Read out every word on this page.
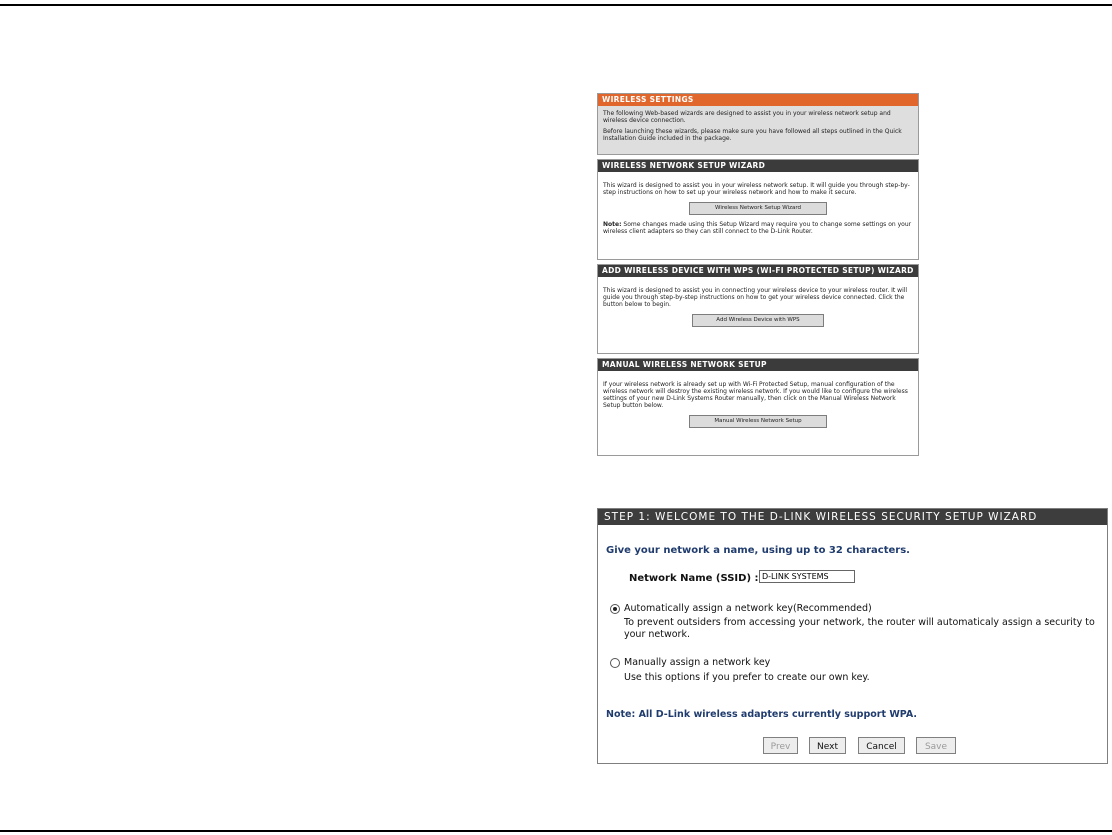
WIRELESS SETTINGS

The following Web-based wizards are designed to assist you in your wireless network setup and wireless device connection.

Before launching these wizards, please make sure you have followed all steps outlined in the Quick Installation Guide included in the package.

WIRELESS NETWORK SETUP WIZARD

This wizard is designed to assist you in your wireless network setup. It will guide you through step-by-step instructions on how to set up your wireless network and how to make it secure.

Wireless Network Setup Wizard

Note: Some changes made using this Setup Wizard may require you to change some settings on your wireless client adapters so they can still connect to the D-Link Router.

ADD WIRELESS DEVICE WITH WPS (WI-FI PROTECTED SETUP) WIZARD

This wizard is designed to assist you in connecting your wireless device to your wireless router. It will guide you through step-by-step instructions on how to get your wireless device connected. Click the button below to begin.

Add Wireless Device with WPS
MANUAL WIRELESS NETWORK SETUP

If your wireless network is already set up with Wi-Fi Protected Setup, manual configuration of the wireless network will destroy the existing wireless network. If you would like to configure the wireless settings of your new D-Link Systems Router manually, then click on the Manual Wireless Network Setup button below.

Manual Wireless Network Setup
STEP 1: WELCOME TO THE D-LINK WIRELESS SECURITY SETUP WIZARD
Give your network a name, using up to 32 characters.
Network Name (SSID) :
D-LINK SYSTEMS
Automatically assign a network key(Recommended)
To prevent outsiders from accessing your network, the router will automaticaly assign a security to your network.
Manually assign a network key
Use this options if you prefer to create our own key.
Note: All D-Link wireless adapters currently support WPA.
Prev	Next	Cancel	Save
